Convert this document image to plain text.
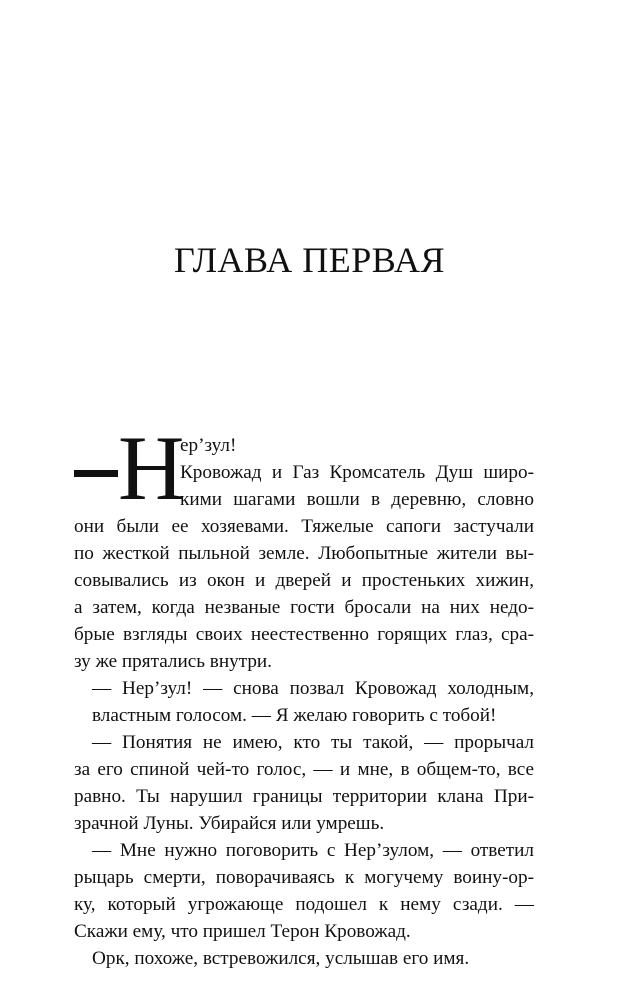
ГЛАВА ПЕРВАЯ
Н
ер’зул!
Кровожад и Газ Кромсатель Душ широ-
кими шагами вошли в деревню, словно
они были ее хозяевами. Тяжелые сапоги застучали
по жесткой пыльной земле. Любопытные жители вы-
совывались из окон и дверей и простеньких хижин,
а затем, когда незваные гости бросали на них недо-
брые взгляды своих неестественно горящих глаз, сра-
зу же прятались внутри.
— Нер’зул! — снова позвал Кровожад холодным,
властным голосом. — Я желаю говорить с тобой!
— Понятия не имею, кто ты такой, — прорычал
за его спиной чей-то голос, — и мне, в общем-то, все
равно. Ты нарушил границы территории клана При-
зрачной Луны. Убирайся или умрешь.
— Мне нужно поговорить с Нер’зулом, — ответил
рыцарь смерти, поворачиваясь к могучему воину-ор-
ку, который угрожающе подошел к нему сзади. —
Скажи ему, что пришел Терон Кровожад.
Орк, похоже, встревожился, услышав его имя.
